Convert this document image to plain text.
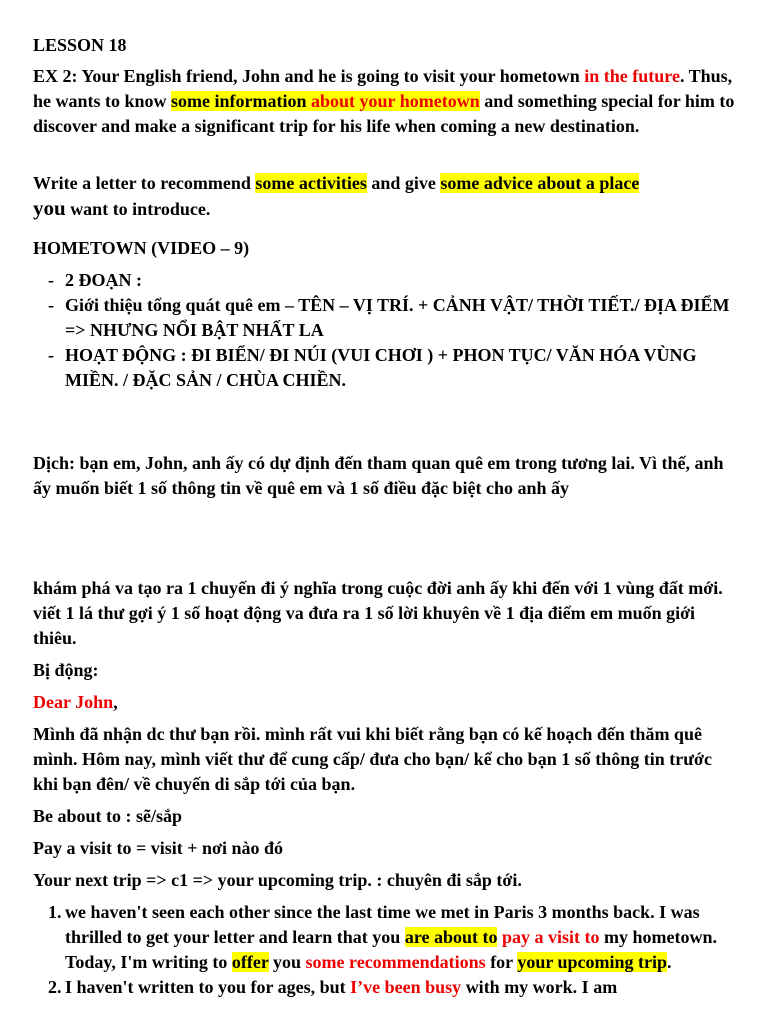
LESSON 18

EX 2: Your English friend, John and he is going to visit your hometown in the future. Thus, he wants to know some information about your hometown and something special for him to discover and make a significant trip for his life when coming a new destination.

Write a letter to recommend some activities and give some advice about a place
you want to introduce.

HOMETOWN (VIDEO – 9)

- 2 ĐOẠN :
- Giới thiệu tổng quát quê em – TÊN – VỊ TRÍ. + CẢNH VẬT/ THỜI TIẾT./ ĐỊA ĐIỂM => NHƯNG NỔI BẬT NHẤT LA
- HOẠT ĐỘNG : ĐI BIỂN/ ĐI NÚI (VUI CHƠI ) + PHON TỤC/ VĂN HÓA VÙNG MIỀN. / ĐẶC SẢN / CHÙA CHIỀN.

Dịch: bạn em, John, anh ấy có dự định đến tham quan quê em trong tương lai. Vì thế, anh ấy muốn biết 1 số thông tin về quê em và 1 số điều đặc biệt cho anh ấy

khám phá va tạo ra 1 chuyến đi ý nghĩa trong cuộc đời anh ấy khi đến với 1 vùng đất mới. viết 1 lá thư gợi ý 1 số hoạt động va đưa ra 1 số lời khuyên về 1 địa điểm em muốn giới thiêu.

Bị động:

Dear John,

Mình đã nhận dc thư bạn rồi. mình rất vui khi biết rằng bạn có kế hoạch đến thăm quê mình. Hôm nay, mình viết thư để cung cấp/ đưa cho bạn/ kể cho bạn 1 số thông tin trước khi bạn đên/ về chuyến di sắp tới của bạn.

Be about to : sẽ/sắp

Pay a visit to = visit + nơi nào đó

Your next trip => c1 => your upcoming trip. : chuyên đi sắp tới.

1. we haven't seen each other since the last time we met in Paris 3 months back. I was thrilled to get your letter and learn that you are about to pay a visit to my hometown. Today, I'm writing to offer you some recommendations for your upcoming trip.
2. I haven't written to you for ages, but I’ve been busy with my work. I am
